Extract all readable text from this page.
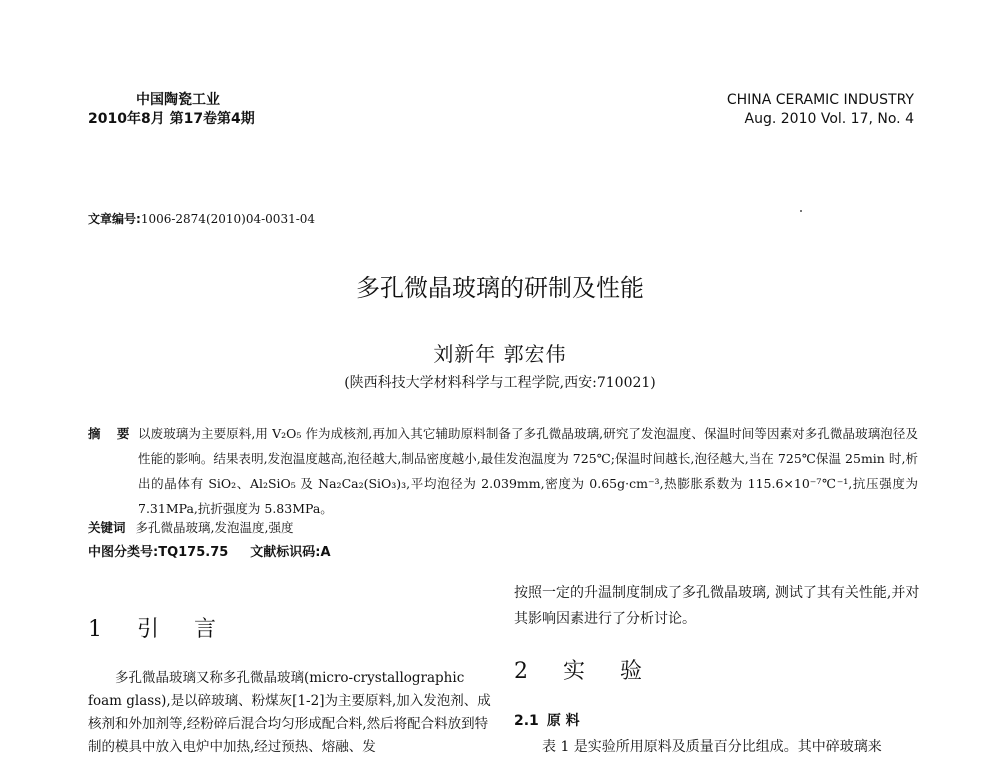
中国陶瓷工业
2010年8月 第17卷第4期
CHINA CERAMIC INDUSTRY
Aug. 2010 Vol. 17, No. 4
文章编号:1006-2874(2010)04-0031-04
多孔微晶玻璃的研制及性能
刘新年 郭宏伟
(陕西科技大学材料科学与工程学院,西安:710021)
摘 要 以废玻璃为主要原料,用 V₂O₅ 作为成核剂,再加入其它辅助原料制备了多孔微晶玻璃,研究了发泡温度、保温时间等因素对多孔微晶玻璃泡径及性能的影响。结果表明,发泡温度越高,泡径越大,制品密度越小,最佳发泡温度为 725℃;保温时间越长,泡径越大,当在 725℃保温 25min 时,析出的晶体有 SiO₂、Al₂SiO₅ 及 Na₂Ca₂(SiO₃)₃,平均泡径为 2.039mm,密度为 0.65g·cm⁻³,热膨胀系数为 115.6×10⁻⁷℃⁻¹,抗压强度为 7.31MPa,抗折强度为 5.83MPa。
关键词 多孔微晶玻璃,发泡温度,强度
中图分类号:TQ175.75 文献标识码:A
按照一定的升温制度制成了多孔微晶玻璃, 测试了其有关性能,并对其影响因素进行了分析讨论。
1 引 言
多孔微晶玻璃又称多孔微晶玻璃(micro-crystallographic foam glass),是以碎玻璃、粉煤灰[1-2]为主要原料,加入发泡剂、成核剂和外加剂等,经粉碎后混合均匀形成配合料,然后将配合料放到特制的模具中放入电炉中加热,经过预热、熔融、发
2 实 验
2.1 原 料
表 1 是实验所用原料及质量百分比组成。其中碎玻璃来
